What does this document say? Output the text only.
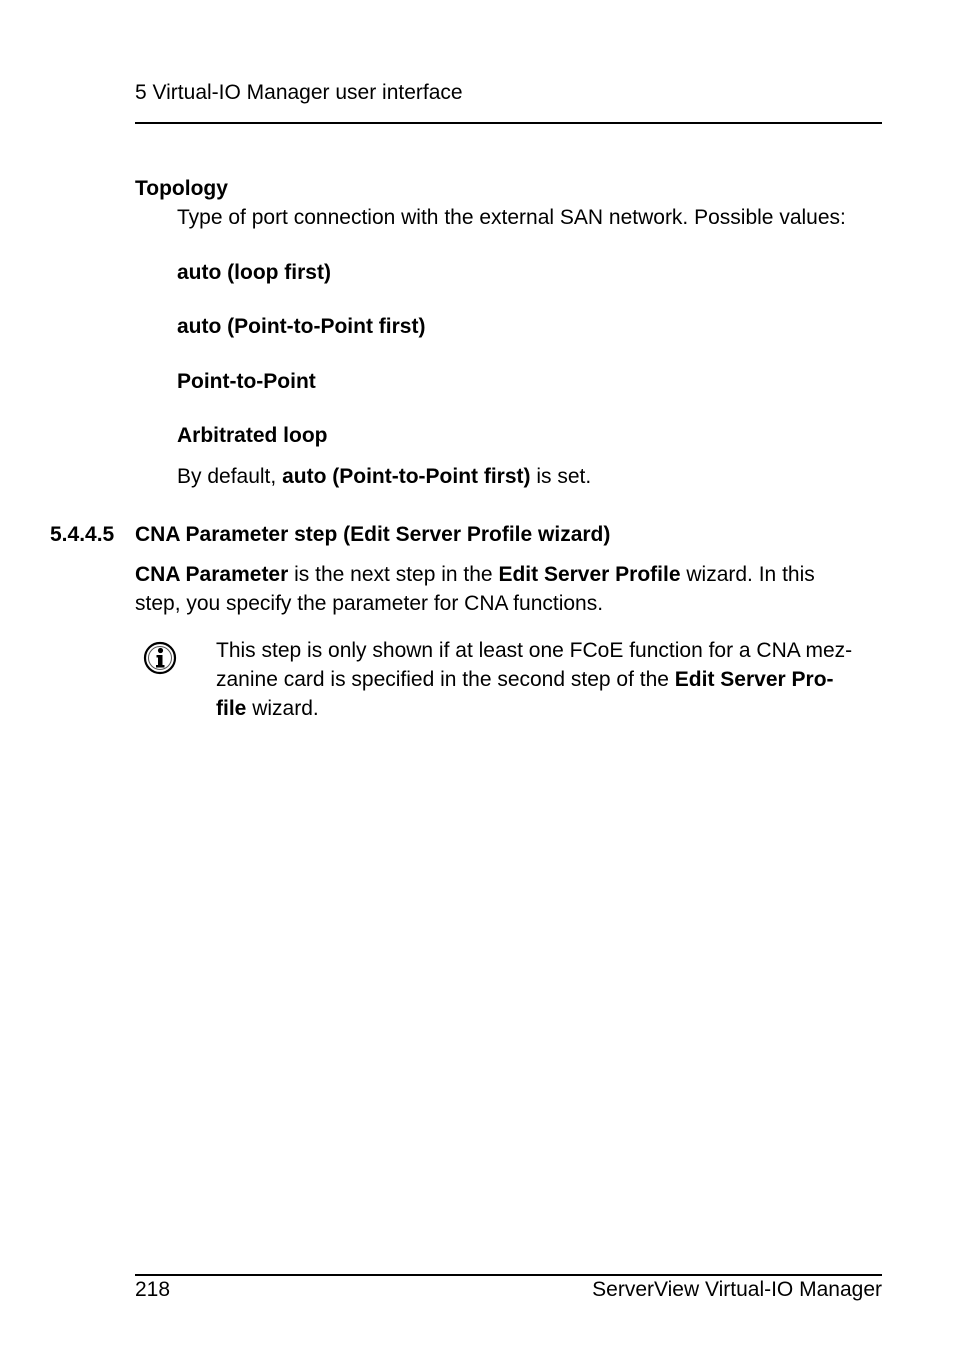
5 Virtual-IO Manager user interface
Topology
Type of port connection with the external SAN network. Possible values:
auto (loop first)
auto (Point-to-Point first)
Point-to-Point
Arbitrated loop
By default, auto (Point-to-Point first) is set.
5.4.4.5 CNA Parameter step (Edit Server Profile wizard)
CNA Parameter is the next step in the Edit Server Profile wizard. In this
step, you specify the parameter for CNA functions.
This step is only shown if at least one FCoE function for a CNA mez-
zanine card is specified in the second step of the Edit Server Pro-
file wizard.
218	ServerView Virtual-IO Manager
